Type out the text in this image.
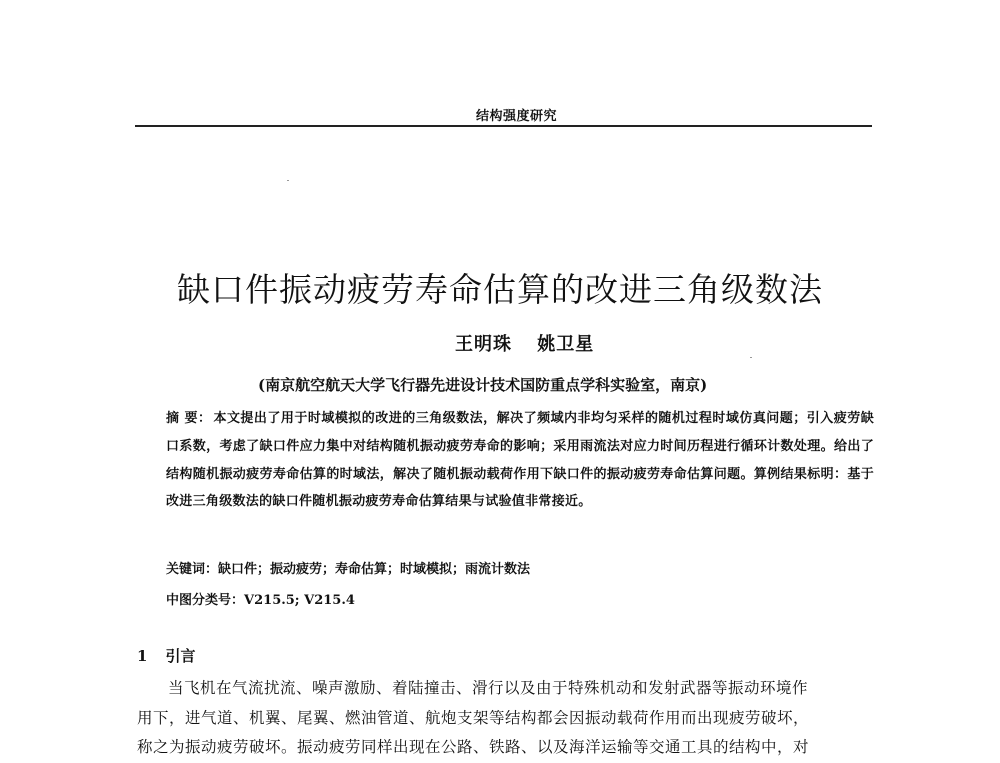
结构强度研究
缺口件振动疲劳寿命估算的改进三角级数法
王明珠 姚卫星
(南京航空航天大学飞行器先进设计技术国防重点学科实验室，南京)
摘 要： 本文提出了用于时域模拟的改进的三角级数法，解决了频域内非均匀采样的随机过程时域仿真问题；引入疲劳缺口系数，考虑了缺口件应力集中对结构随机振动疲劳寿命的影响；采用雨流法对应力时间历程进行循环计数处理。给出了结构随机振动疲劳寿命估算的时域法，解决了随机振动载荷作用下缺口件的振动疲劳寿命估算问题。算例结果标明：基于改进三角级数法的缺口件随机振动疲劳寿命估算结果与试验值非常接近。
关键词：缺口件；振动疲劳；寿命估算；时域模拟；雨流计数法
中图分类号：V215.5; V215.4
1 引言
当飞机在气流扰流、噪声激励、着陆撞击、滑行以及由于特殊机动和发射武器等振动环境作
用下，进气道、机翼、尾翼、燃油管道、航炮支架等结构都会因振动载荷作用而出现疲劳破坏，
称之为振动疲劳破坏。振动疲劳同样出现在公路、铁路、以及海洋运输等交通工具的结构中，对
